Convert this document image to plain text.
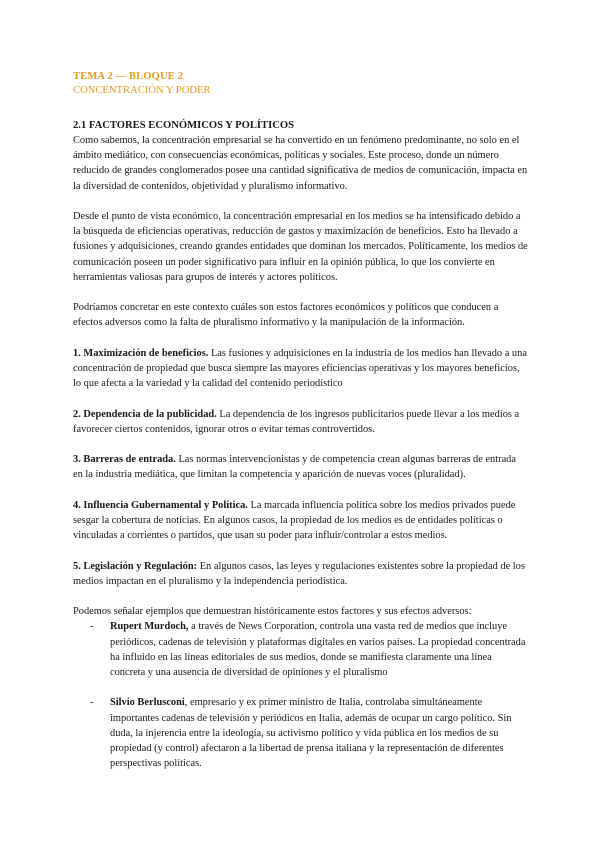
TEMA 2 — BLOQUE 2
CONCENTRACIÓN Y PODER
2.1 FACTORES ECONÓMICOS Y POLÍTICOS

Como sabemos, la concentración empresarial se ha convertido en un fenómeno predominante, no solo en el ámbito mediático, con consecuencias económicas, políticas y sociales. Este proceso, donde un número reducido de grandes conglomerados posee una cantidad significativa de medios de comunicación, impacta en la diversidad de contenidos, objetividad y pluralismo informativo.

Desde el punto de vista económico, la concentración empresarial en los medios se ha intensificado debido a la búsqueda de eficiencias operativas, reducción de gastos y maximización de beneficios. Esto ha llevado a fusiones y adquisiciones, creando grandes entidades que dominan los mercados. Políticamente, los medios de comunicación poseen un poder significativo para influir en la opinión pública, lo que los convierte en herramientas valiosas para grupos de interés y actores políticos.

Podríamos concretar en este contexto cuáles son estos factores económicos y políticos que conducen a efectos adversos como la falta de pluralismo informativo y la manipulación de la información.

1. Maximización de beneficios. Las fusiones y adquisiciones en la industria de los medios han llevado a una concentración de propiedad que busca siempre las mayores eficiencias operativas y los mayores beneficios, lo que afecta a la variedad y la calidad del contenido periodístico

2. Dependencia de la publicidad. La dependencia de los ingresos publicitarios puede llevar a los medios a favorecer ciertos contenidos, ignorar otros o evitar temas controvertidos.

3. Barreras de entrada. Las normas intervencionistas y de competencia crean algunas barreras de entrada en la industria mediática, que limitan la competencia y aparición de nuevas voces (pluralidad).

4. Influencia Gubernamental y Política. La marcada influencia política sobre los medios privados puede sesgar la cobertura de noticias. En algunos casos, la propiedad de los medios es de entidades políticas o vinculadas a corrientes o partidos, que usan su poder para influir/controlar a estos medios.

5. Legislación y Regulación: En algunos casos, las leyes y regulaciones existentes sobre la propiedad de los medios impactan en el pluralismo y la independencia periodística.

Podemos señalar ejemplos que demuestran históricamente estos factores y sus efectos adversos:

- Rupert Murdoch, a través de News Corporation, controla una vasta red de medios que incluye periódicos, cadenas de televisión y plataformas digitales en varios países. La propiedad concentrada ha influido en las líneas editoriales de sus medios, donde se manifiesta claramente una línea concreta y una ausencia de diversidad de opiniones y el pluralismo
- Silvio Berlusconi, empresario y ex primer ministro de Italia, controlaba simultáneamente importantes cadenas de televisión y periódicos en Italia, además de ocupar un cargo político. Sin duda, la injerencia entre la ideología, su activismo político y vida pública en los medios de su propiedad (y control) afectaron a la libertad de prensa italiana y la representación de diferentes perspectivas políticas.
